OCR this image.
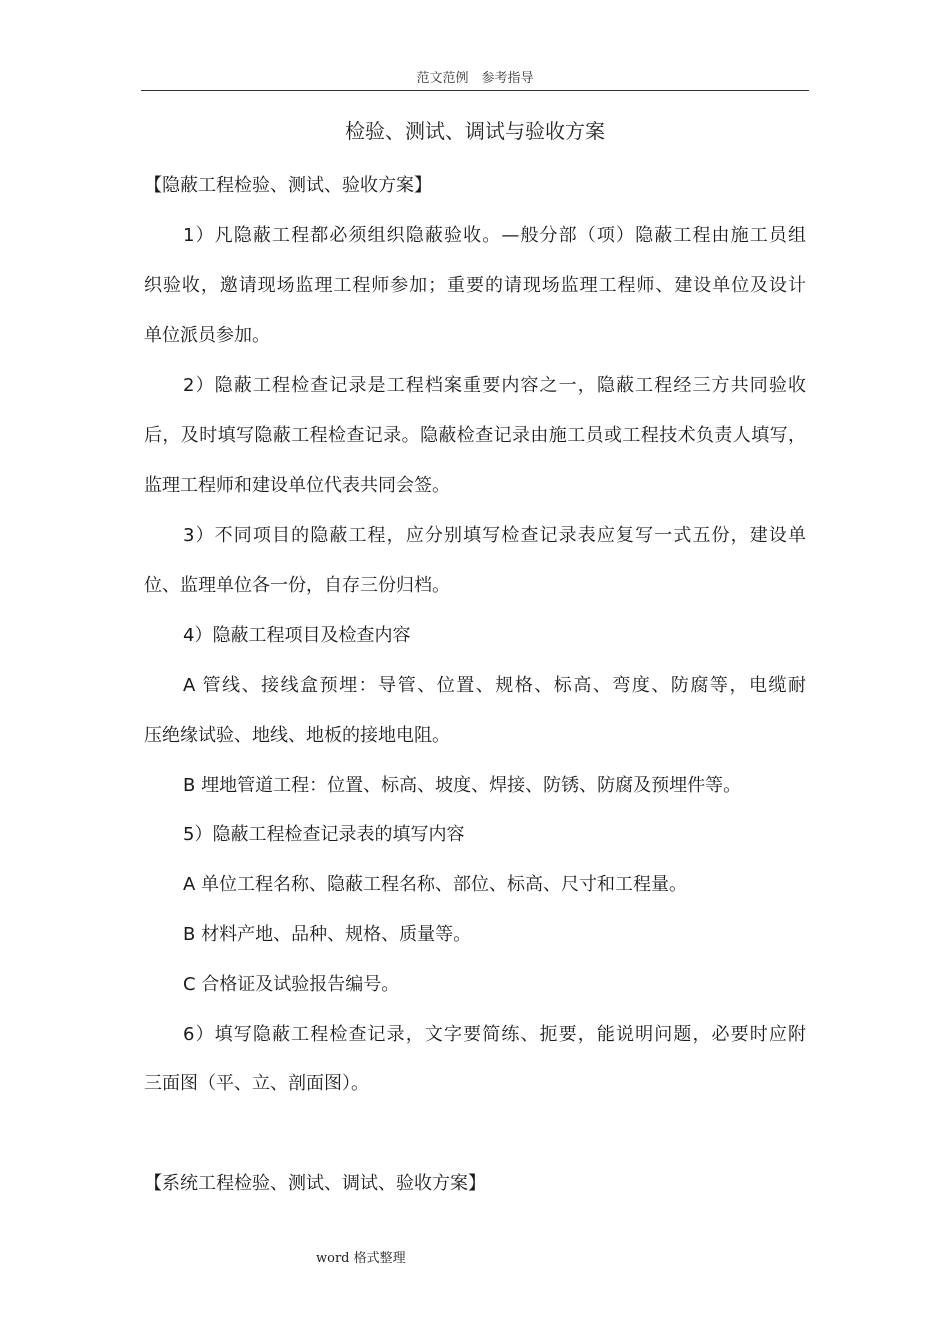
范文范例　参考指导
检验、测试、调试与验收方案
【隐蔽工程检验、测试、验收方案】
1）凡隐蔽工程都必须组织隐蔽验收。—般分部（项）隐蔽工程由施工员组
织验收，邀请现场监理工程师参加；重要的请现场监理工程师、建设单位及设计
单位派员参加。
2）隐蔽工程检查记录是工程档案重要内容之一，隐蔽工程经三方共同验收
后，及时填写隐蔽工程检查记录。隐蔽检查记录由施工员或工程技术负责人填写，
监理工程师和建设单位代表共同会签。
3）不同项目的隐蔽工程，应分别填写检查记录表应复写一式五份，建设单
位、监理单位各一份，自存三份归档。
4）隐蔽工程项目及检查内容
A 管线、接线盒预埋：导管、位置、规格、标高、弯度、防腐等，电缆耐
压绝缘试验、地线、地板的接地电阻。
B 埋地管道工程：位置、标高、坡度、焊接、防锈、防腐及预埋件等。
5）隐蔽工程检查记录表的填写内容
A 单位工程名称、隐蔽工程名称、部位、标高、尺寸和工程量。
B 材料产地、品种、规格、质量等。
C 合格证及试验报告编号。
6）填写隐蔽工程检查记录，文字要简练、扼要，能说明问题，必要时应附
三面图（平、立、剖面图）。
【系统工程检验、测试、调试、验收方案】
word 格式整理
